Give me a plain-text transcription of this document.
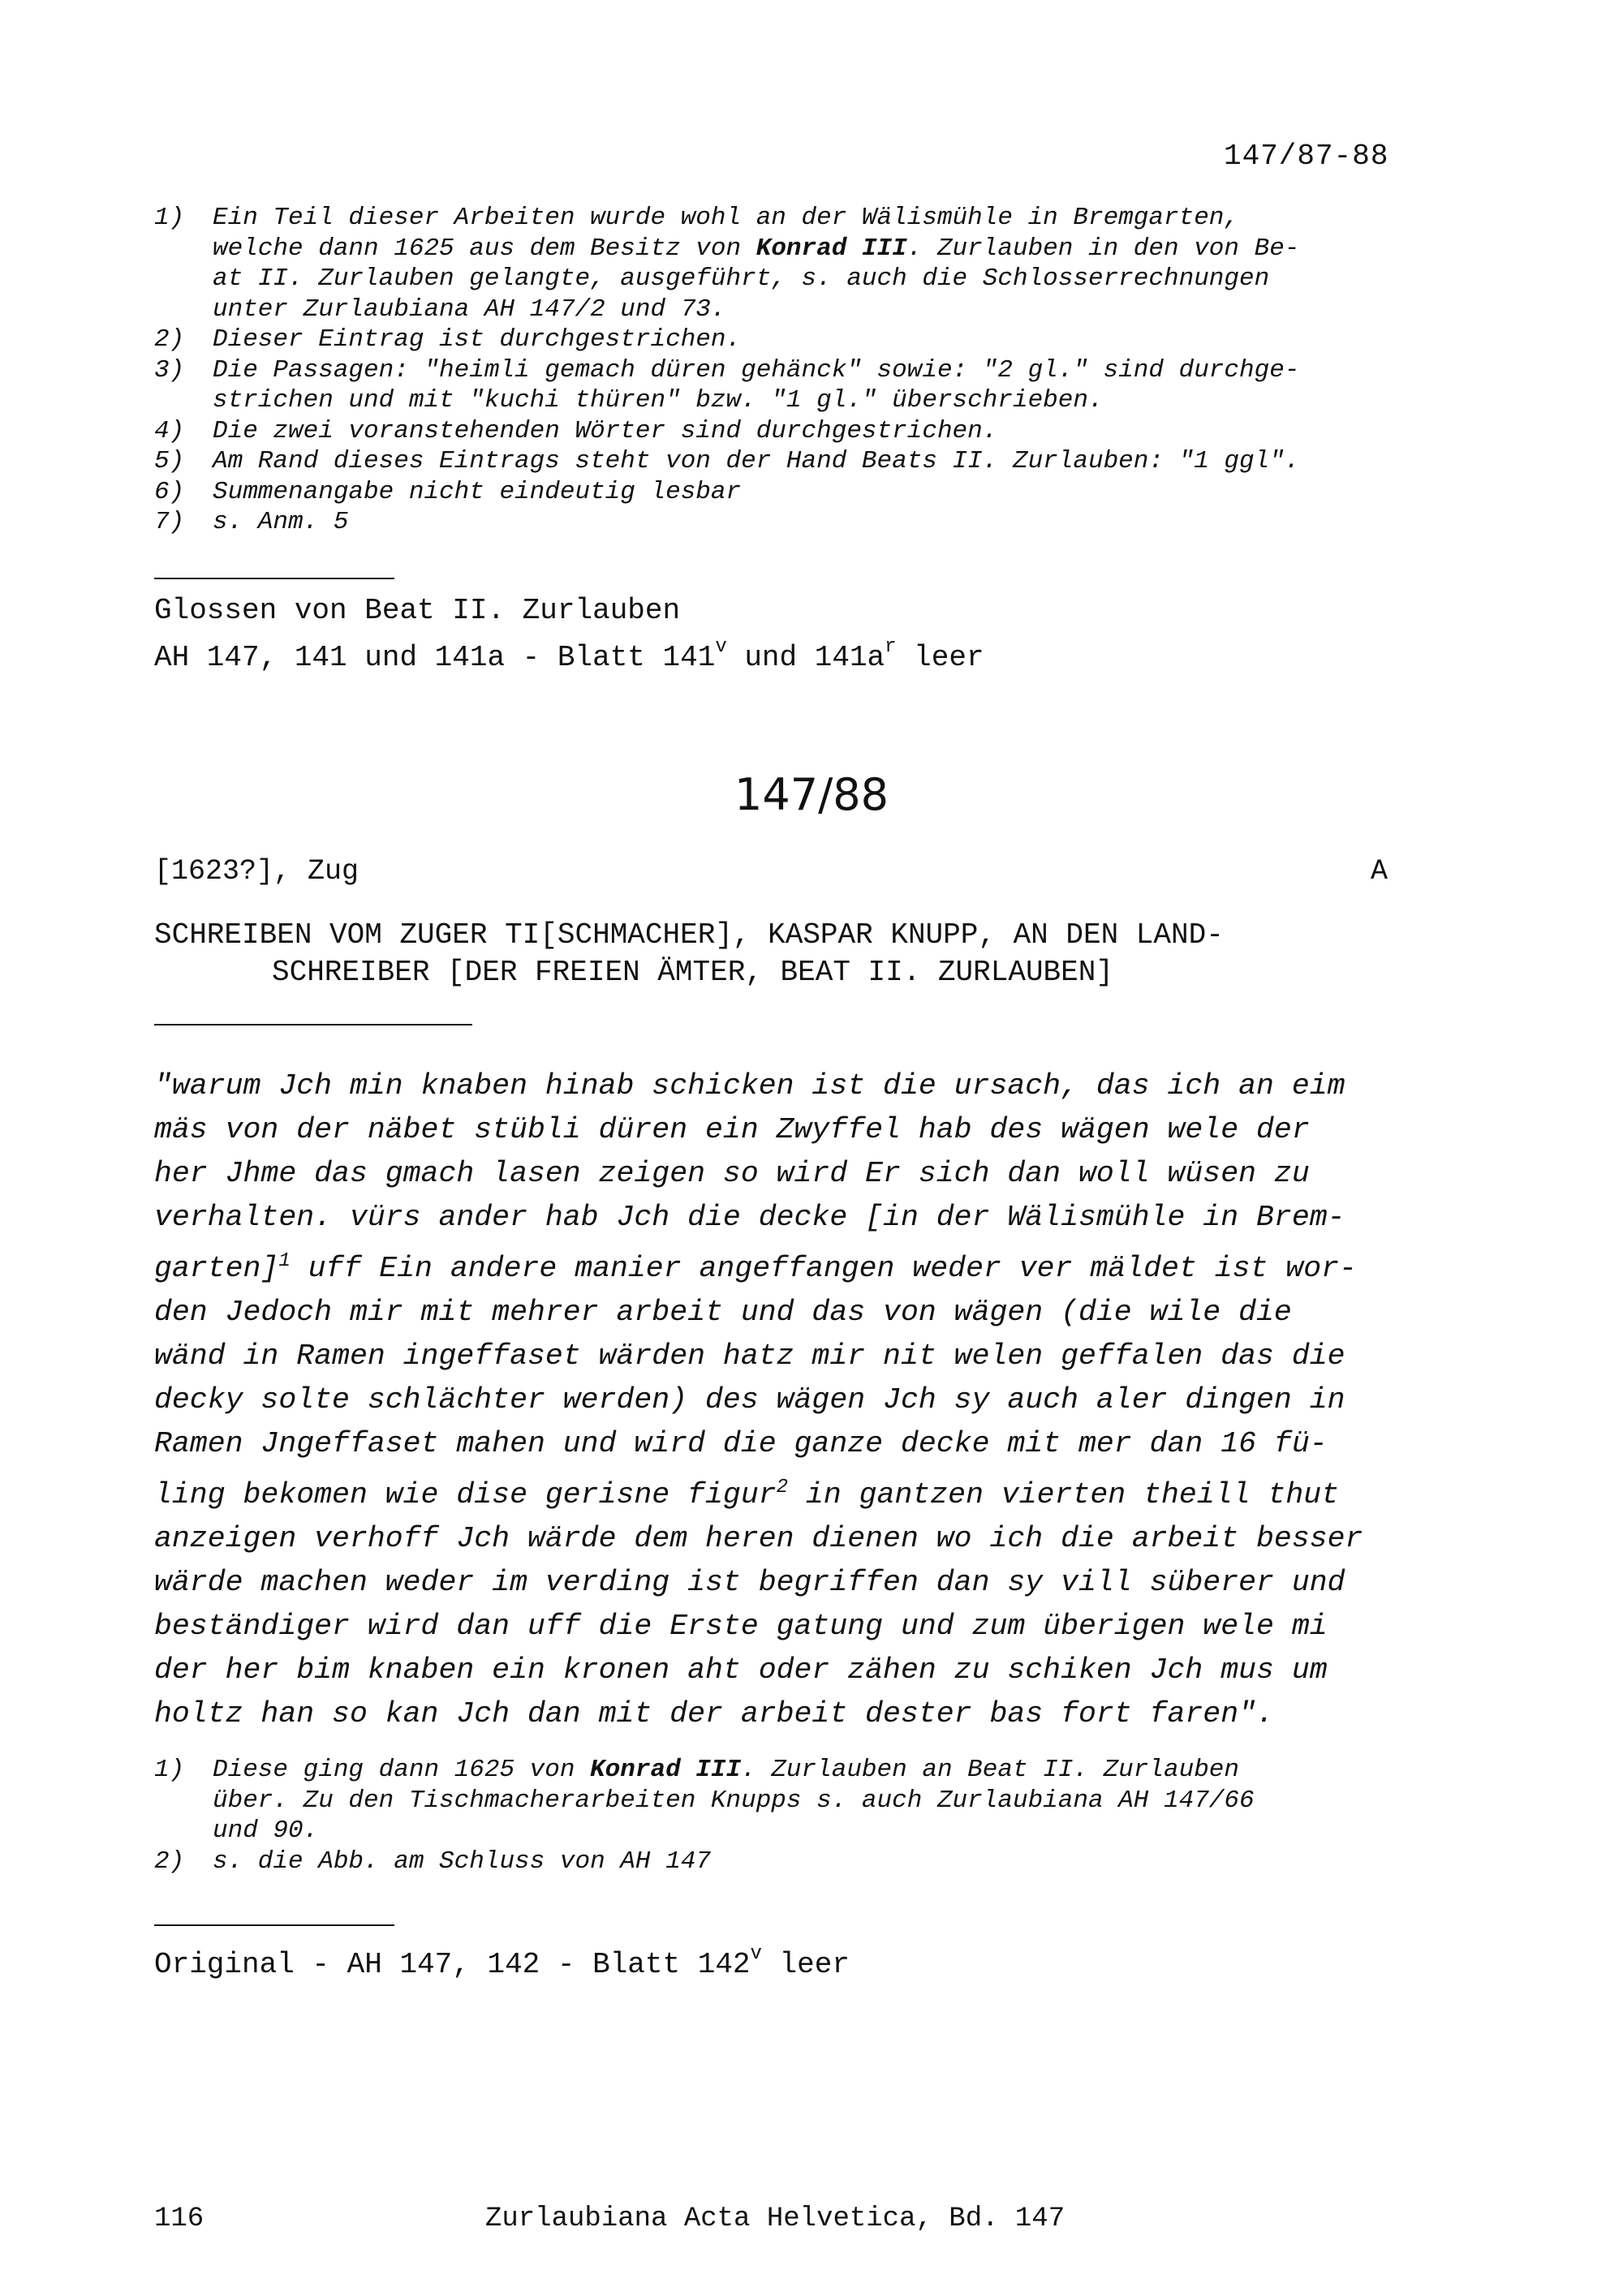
147/87-88
1)	Ein Teil dieser Arbeiten wurde wohl an der Wälismühle in Bremgarten,
welche dann 1625 aus dem Besitz von Konrad III. Zurlauben in den von Be-
at II. Zurlauben gelangte, ausgeführt, s. auch die Schlosserrechnungen
unter Zurlaubiana AH 147/2 und 73.
2)	Dieser Eintrag ist durchgestrichen.
3)	Die Passagen: "heimli gemach düren gehänck" sowie: "2 gl." sind durchge-
strichen und mit "kuchi thüren" bzw. "1 gl." überschrieben.
4)	Die zwei voranstehenden Wörter sind durchgestrichen.
5)	Am Rand dieses Eintrags steht von der Hand Beats II. Zurlauben: "1 ggl".
6)	Summenangabe nicht eindeutig lesbar
7)	s. Anm. 5
Glossen von Beat II. Zurlauben
AH 147, 141 und 141a - Blatt 141$^v$ und $141a^r$ leer
147/88
[1623?], Zug	A
SCHREIBEN VOM ZUGER TI[SCHMACHER], KASPAR KNUPP, AN DEN LAND-
SCHREIBER [DER FREIEN ÄMTER, BEAT II. ZURLAUBEN]
"warum Jch min knaben hinab schicken ist die ursach, das ich an eim
mäs von der näbet stübli düren ein Zwyffel hab des wägen wele der
her Jhme das gmach lasen zeigen so wird Er sich dan woll wüsen zu
verhalten. vürs ander hab Jch die decke [in der Wälismühle in Brem-
garten]$^1$ uff Ein andere manier angeffangen weder ver mäldet ist wor-
den Jedoch mir mit mehrer arbeit und das von wägen (die wile die
wänd in Ramen ingeffaset wärden hatz mir nit welen geffalen das die
decky solte schlächter werden) des wägen Jch sy auch aler dingen in
Ramen Jngeffaset mahen und wird die ganze decke mit mer dan 16 fü-
ling bekomen wie dise gerisne figur$^2$ in gantzen vierten theill thut
anzeigen verhoff Jch wärde dem heren dienen wo ich die arbeit besser
wärde machen weder im verding ist begriffen dan sy vill süberer und
beständiger wird dan uff die Erste gatung und zum überigen wele mi
der her bim knaben ein kronen aht oder zähen zu schiken Jch mus um
holtz han so kan Jch dan mit der arbeit dester bas fort faren".
1)	Diese ging dann 1625 von Konrad III. Zurlauben an Beat II. Zurlauben
über. Zu den Tischmacherarbeiten Knupps s. auch Zurlaubiana AH 147/66
und 90.
2)	s. die Abb. am Schluss von AH 147
Original - AH 147, 142 - Blatt 142$^v$ leer
116	Zurlaubiana Acta Helvetica, Bd. 147
